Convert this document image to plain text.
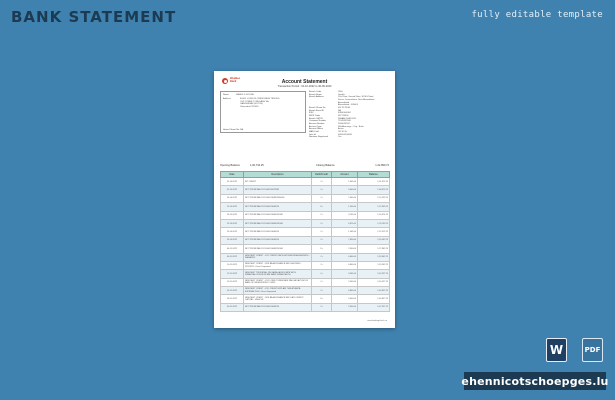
BANK STATEMENT	fully editable template
WeeBee
Bank	Account Statement
Transaction Period : 01-10-2022 to 30-09-2023
Name	JAMES D SOUZA
Address	B-603, LIONS FLOWER PALM TENCED
OUT STREET CRUSADE SA
GANDHIDAM (KUTCH)
Ghaziabad 370005
Home Phone NoNA
Branch Code	1860
Branch Name	Gandhi
Branch Address	11th Floor, Ground Floor, 36 MG Road
Sector, Janmashtam, Near Ahmedabad
Ahmedabad
Ahmedabad - 380009
Branch Phone No	45178 78564
Branch Email ID	NA
IFSC	IDIB000G084
MICR Code	387178009
Branch GSTIN	24AAACI1681G1ZL
Customer Number	71045632908
Account Number	5006043204
Account Type	SB-Advantage - Chq - Book
Account Status	Active
MAB Yield	787.80 Dr
Joint Id	006054204030
Nominee Registered	Yes
Opening Balance	1,00,734.25	Closing Balance	1,22,899.74
Date	Description	Debit/Credit	Amount	Balance
01-10-2022	INT CREDIT	Cr	1,645.00	1,01,679.25
01-10-2022	NFT TRF/RETAIL/ICIC/000156874982	Cr	5,000.00	1,06,679.25
10-10-2022	NFT TRF/RETAIL/ICIC/000193648520/HDM	Cr	7,460.00	1,14,139.25
15-10-2022	NFT TRF/RETAIL/ICIC/000193648520	Dr	1,200.00	1,12,939.25
20-10-2022	NFT TRF/RETAIL/ICIC/000193648520/SM	Cr	3,135.00	1,16,074.25
22-10-2022	NFT TRF/RETAIL/ICIC/000193648520/SM	Cr	4,675.00	1,20,749.25
25-10-2022	NFT TRF/RETAIL/ICIC/000193648520	Cr	1,563.00	1,22,312.25
29-10-2022	NFT TRF/RETAIL/ICIC/000193648520	Cr	7,850.00	1,30,162.25
04-11-2022	NFT TRF/RETAIL/ICIC/000193648520/SM	Dr	2,300.00	1,27,862.25
06-11-2022	NEW NEFT CREDIT - ICIC CREDIT DAYS HM 2000DR/SAJ4003DN16 - SAGARSIC	Cr	4,600.00	1,32,462.25
10-11-2022	NEW NEFT CREDIT - PER BAJAJ FINANCE REF 000024300 - 25/5/2022 - Direct Deposited	Cr	6,800.00	1,39,262.25
15-11-2022	NEW NEFT TRF/RETAIL FIN SAIRAJ ASSOCIATE WITH FINANCIAL/OVDUE RETAIL BANK FINANC/AUTH	Cr	3,265.00	1,42,527.25
19-11-2022	NEW NEFT CREDIT - ICICI CREDIT WEBCARE PALLVA DAYS BOOK BANK OF INDIA SURVEY/ CHRG	Cr	2,500.00	1,45,027.25
24-11-2022	NEW NEFT CREDIT - ICIC CREDIT EXPLAIN THIS ATLANTA EXPENSE 2000 - Direct Deposited	Cr	4,800.00	1,49,827.25
28-11-2022	NEW NEFT CREDIT - PER BAJAJ FINANCE REF DAYS CREDIT CAPITAL - VEHICLE	Dr	5,000.00	1,44,827.25
30-11-2022	NFT TRF/RETAIL/ICIC/000193648520	Cr	2,500.00	1,47,327.25
www.bankingcheck.co
W	PDF
ehennicotschoepges.lu
